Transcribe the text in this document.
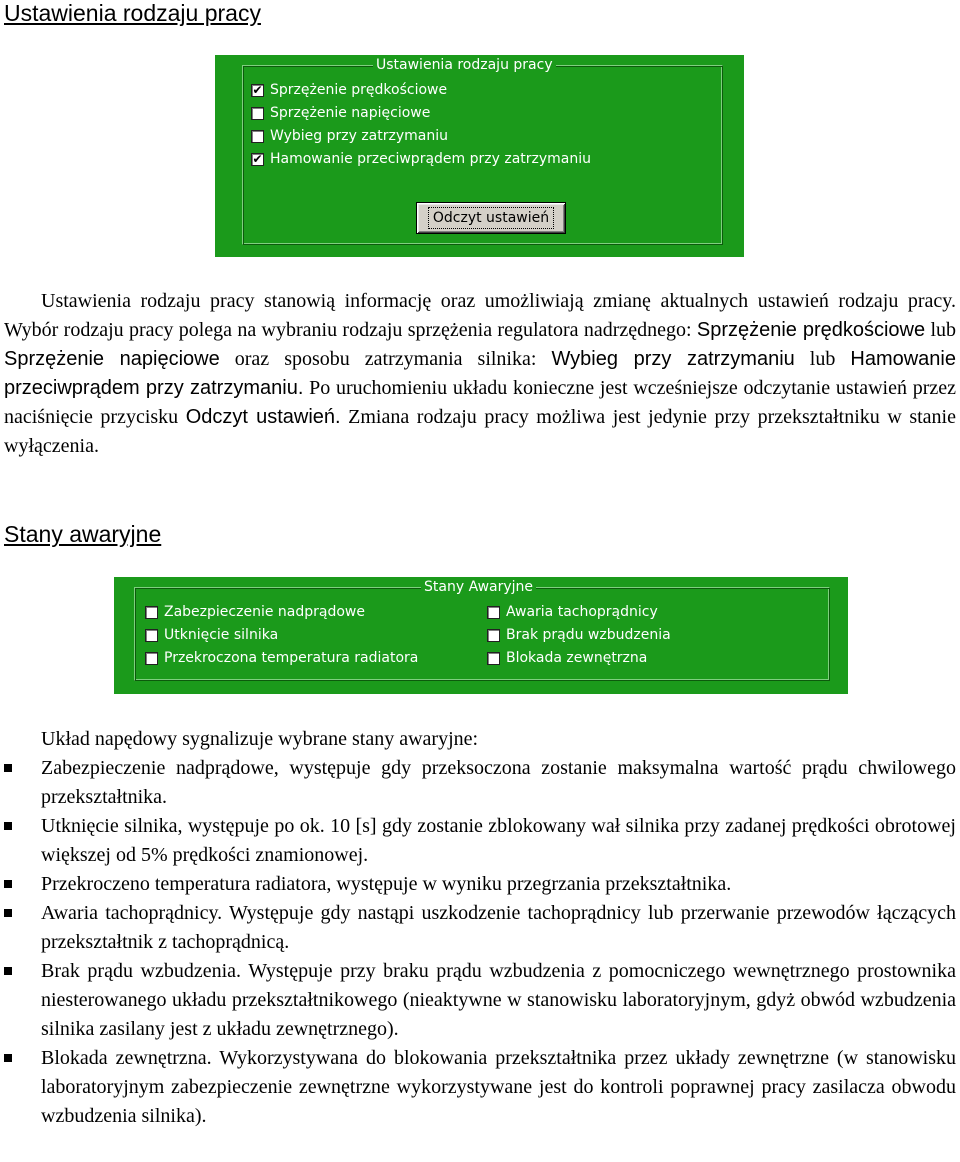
Ustawienia rodzaju pracy
Ustawienia rodzaju pracy
✔ Sprzężenie prędkościowe
Sprzężenie napięciowe
Wybieg przy zatrzymaniu
✔ Hamowanie przeciwprądem przy zatrzymaniu
Odczyt ustawień
Ustawienia rodzaju pracy stanowią informację oraz umożliwiają zmianę aktualnych ustawień rodzaju pracy. Wybór rodzaju pracy polega na wybraniu rodzaju sprzężenia regulatora nadrzędnego: Sprzężenie prędkościowe lub Sprzężenie napięciowe oraz sposobu zatrzymania silnika: Wybieg przy zatrzymaniu lub Hamowanie przeciwprądem przy zatrzymaniu. Po uruchomieniu układu konieczne jest wcześniejsze odczytanie ustawień przez naciśnięcie przycisku Odczyt ustawień. Zmiana rodzaju pracy możliwa jest jedynie przy przekształtniku w stanie wyłączenia.
Stany awaryjne
Stany Awaryjne
Zabezpieczenie nadprądowe
Utknięcie silnika
Przekroczona temperatura radiatora
Awaria tachoprądnicy
Brak prądu wzbudzenia
Blokada zewnętrzna
Układ napędowy sygnalizuje wybrane stany awaryjne:
Zabezpieczenie nadprądowe, występuje gdy przeksoczona zostanie maksymalna wartość prądu chwilowego przekształtnika.
Utknięcie silnika, występuje po ok. 10 [s] gdy zostanie zblokowany wał silnika przy zadanej prędkości obrotowej większej od 5% prędkości znamionowej.
Przekroczeno temperatura radiatora, występuje w wyniku przegrzania przekształtnika.
Awaria tachoprądnicy. Występuje gdy nastąpi uszkodzenie tachoprądnicy lub przerwanie przewodów łączących przekształtnik z tachoprądnicą.
Brak prądu wzbudzenia. Występuje przy braku prądu wzbudzenia z pomocniczego wewnętrznego prostownika niesterowanego układu przekształtnikowego (nieaktywne w stanowisku laboratoryjnym, gdyż obwód wzbudzenia silnika zasilany jest z układu zewnętrznego).
Blokada zewnętrzna. Wykorzystywana do blokowania przekształtnika przez układy zewnętrzne (w stanowisku laboratoryjnym zabezpieczenie zewnętrzne wykorzystywane jest do kontroli poprawnej pracy zasilacza obwodu wzbudzenia silnika).
